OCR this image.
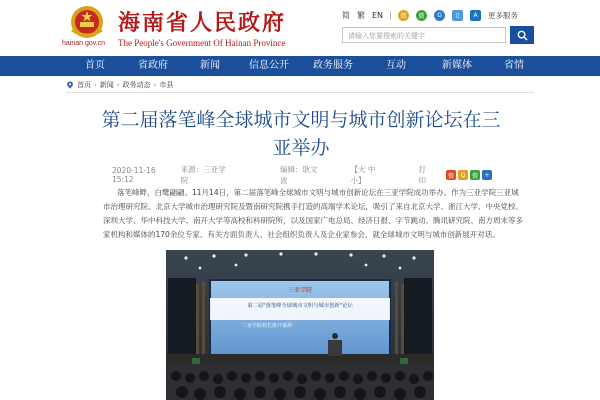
hainan.gov.cn
海南省人民政府
The People's Government Of Hainan Province
简 繁 EN	微	微	G	▯	A	更多服务
请输入您要搜索的关键字
首页	省政府	新闻	信息公开	政务服务	互动	新媒体	省情
首页 › 新闻 › 政务动态 › 市县
第二届落笔峰全球城市文明与城市创新论坛在三亚举办
2020-11-16 15:12
来源：三亚学院
编辑：耿文波
【大 中 小】
打印	微	Q	微	+
落笔峰畔，白鹭翩翩。11月14日，第二届落笔峰全球城市文明与城市创新论坛在三亚学院成功举办。作为三亚学院三亚城市治理研究院、北京大学城市治理研究院及暨南研究院携手打造的高端学术论坛，吸引了来自北京大学、浙江大学、中央党校、深圳大学、华中科技大学、南开大学等高校和科研院所，以及国家广电总局、经济日报、字节跳动、腾讯研究院、南方周末等多家机构和媒体的170余位专家、有关方面负责人、社会组织负责人及企业家参会，就全球城市文明与城市创新展开对话。
三亚学院
第二届"落笔峰全球城市文明与城市创新"论坛
三亚学院校长致开幕辞
